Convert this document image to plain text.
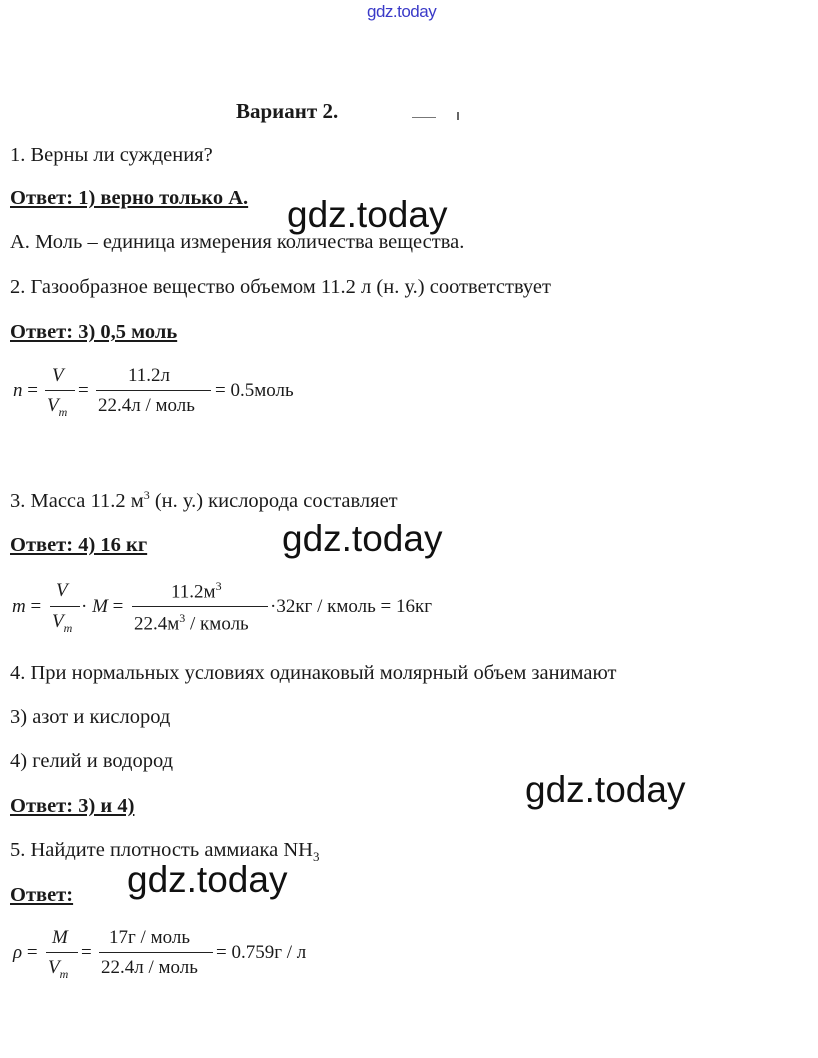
gdz.today
Вариант 2.
1. Верны ли суждения?
Ответ: 1) верно только А. gdz.today
А. Моль – единица измерения количества вещества.
2. Газообразное вещество объемом 11.2 л (н. у.) соответствует
Ответ: 3) 0,5 моль
n =
V
$V_m$
=
11.2л
22.4л / моль
= 0.5моль
3. Масса 11.2 $м^3$ (н. у.) кислорода составляет
Ответ: 4) 16 кг	gdz.today
m =
V
$V_m$
· M =
$11.2м^3$
$22.4м^3$ / кмоль
·32кг / кмоль = 16кг
4. При нормальных условиях одинаковый молярный объем занимают
3) азот и кислород
4) гелий и водород
gdz.today
Ответ: 3) и 4)
5. Найдите плотность аммиака $NH_3$
gdz.today
Ответ:
ρ =
M
$V_m$
=
17г / моль
22.4л / моль
= 0.759г / л
